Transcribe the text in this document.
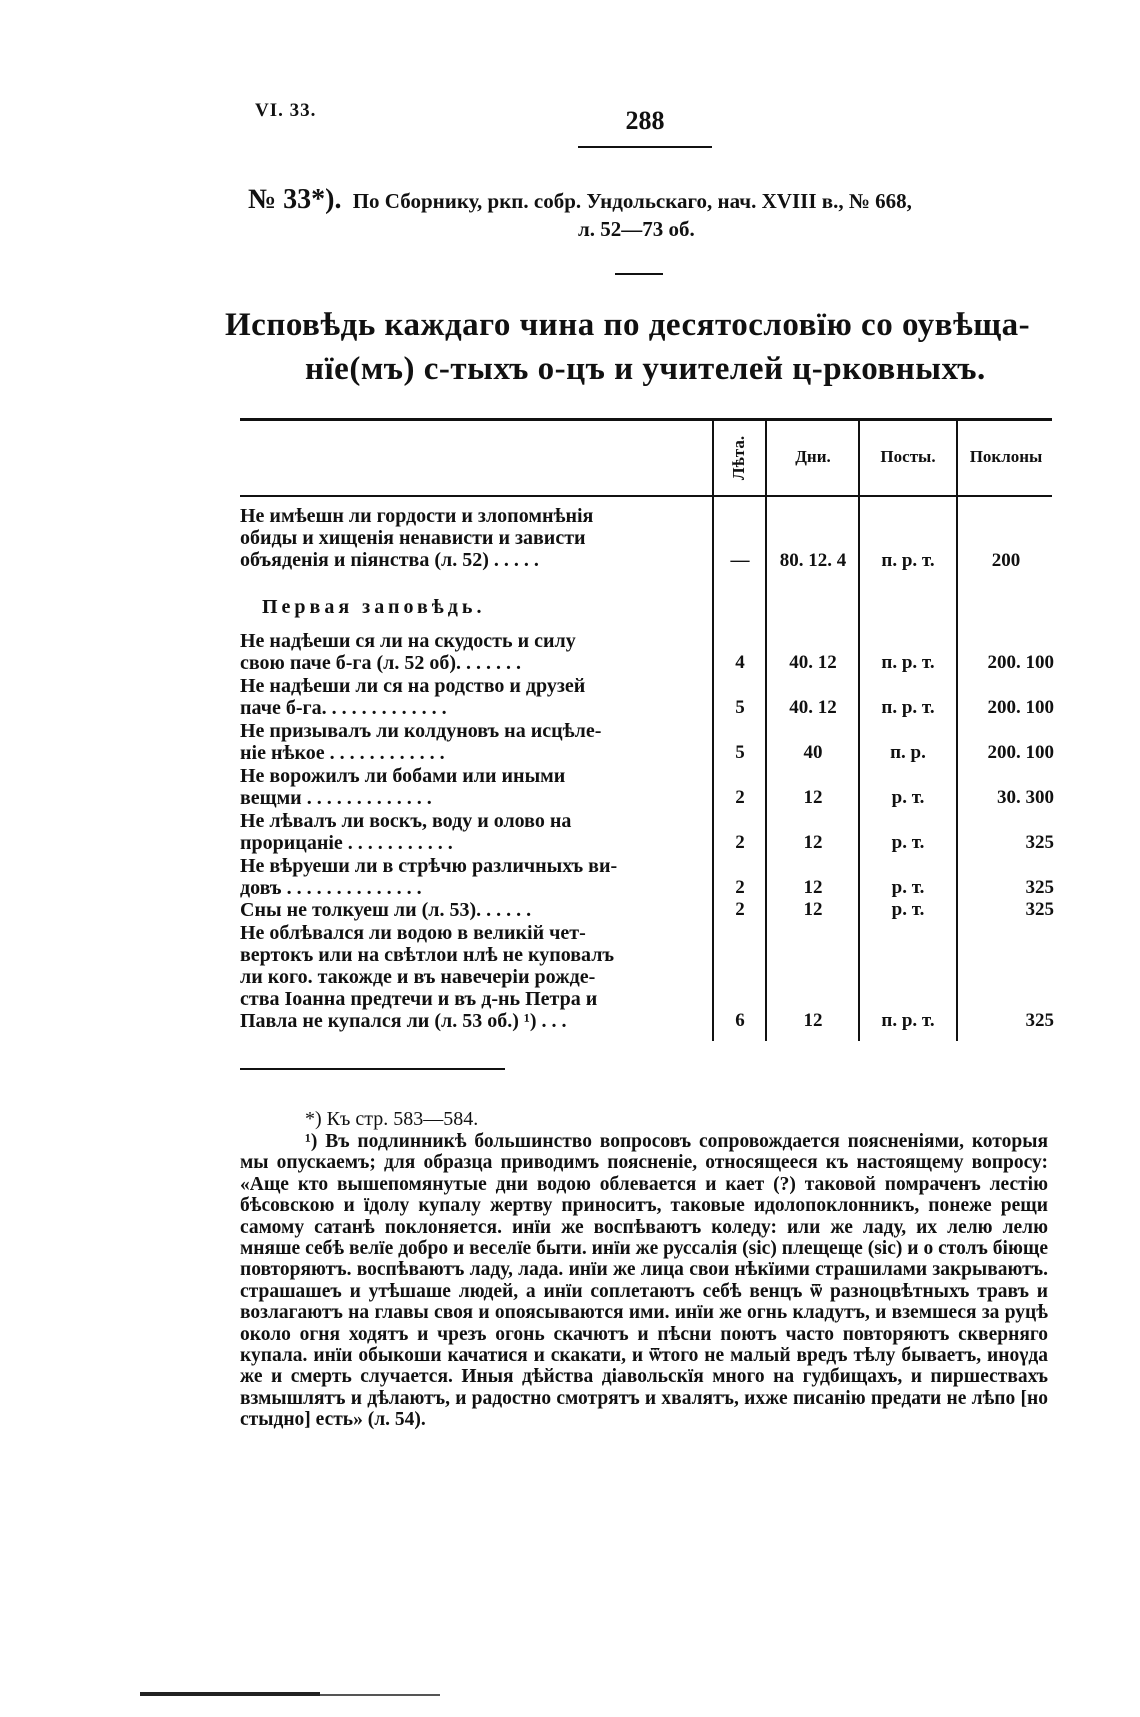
VI. 33.	288
№ 33*). По Сборнику, ркп. собр. Ундольскаго, нач. XVIII в., № 668,
л. 52—73 об.
Исповѣдь каждаго чина по десятословїю со оувѣща-
нїе(мъ) с-тыхъ о-цъ и учителей ц-рковныхъ.
Лѣта.	Дни.	Посты.	Поклоны
Не имѣешн ли гордости и злопомнѣнія
обиды и хищенія ненависти и зависти
объяденія и піянства (л. 52) . . . . .	—	80. 12. 4	п. р. т.	200
Первая заповѣдь.
Не надѣеши ся ли на скудость и силу
свою паче б-га (л. 52 об). . . . . . .	4	40. 12	п. р. т.	200. 100
Не надѣеши ли ся на родство и друзей
паче б-га. . . . . . . . . . . . .	5	40. 12	п. р. т.	200. 100
Не призывалъ ли колдуновъ на исцѣле-
ніе нѣкое . . . . . . . . . . . .	5	40	п. р.	200. 100
Не ворожилъ ли бобами или иными
вещми . . . . . . . . . . . . .	2	12	р. т.	30. 300
Не лѣвалъ ли воскъ, воду и олово на
прорицаніе . . . . . . . . . . .	2	12	р. т.	325
Не вѣруеши ли в стрѣчю различныхъ ви-
довъ . . . . . . . . . . . . . .	2	12	р. т.	325
Сны не толкуеш ли (л. 53). . . . . .	2	12	р. т.	325
Не облѣвался ли водою в великій чет-
вертокъ или на свѣтлои нлѣ не куповалъ
ли кого. такожде и въ навечеріи рожде-
ства Іоанна предтечи и въ д-нь Петра и
Павла не купался ли (л. 53 об.) ¹) . . .	6	12	п. р. т.	325
*) Къ стр. 583—584.
¹) Въ подлинникѣ большинство вопросовъ сопровождается поясненіями, которыя мы опускаемъ; для образца приводимъ поясненіе, относящееся къ настоящему вопросу: «Аще кто вышепомянутые дни водою облевается и кает (?) таковой помраченъ лестію бѣсовскою и їдолу купалу жертву приноситъ, таковые идолопоклонникъ, понеже рещи самому сатанѣ поклоняется. инїи же воспѣваютъ коледу: или же ладу, их лелю лелю мняше себѣ велїе добро и веселїе быти. инїи же руссалія (sic) плещеще (sic) и о столъ біюще повторяютъ. воспѣваютъ ладу, лада. инїи же лица свои нѣкїими страшилами закрываютъ. страшашеъ и утѣшаше людей, а инїи соплетаютъ себѣ венцъ ѿ разноцвѣтныхъ травъ и возлагаютъ на главы своя и опоясываются ими. инїи же огнь кладутъ, и вземшеся за руцѣ около огня ходятъ и чрезъ огонь скачютъ и пѣсни поютъ часто повторяютъ скверняго купала. инїи обыкоши качатися и скакати, и ѿтого не малый вредъ тѣлу бываетъ, инογда же и смерть случается. Иныя дѣйства діавольскїя много на гудбищахъ, и пиршествахъ взмышлятъ и дѣлаютъ, и радостно смотрятъ и хвалятъ, ихже писанію предати не лѣпо [но стыдно] есть» (л. 54).
